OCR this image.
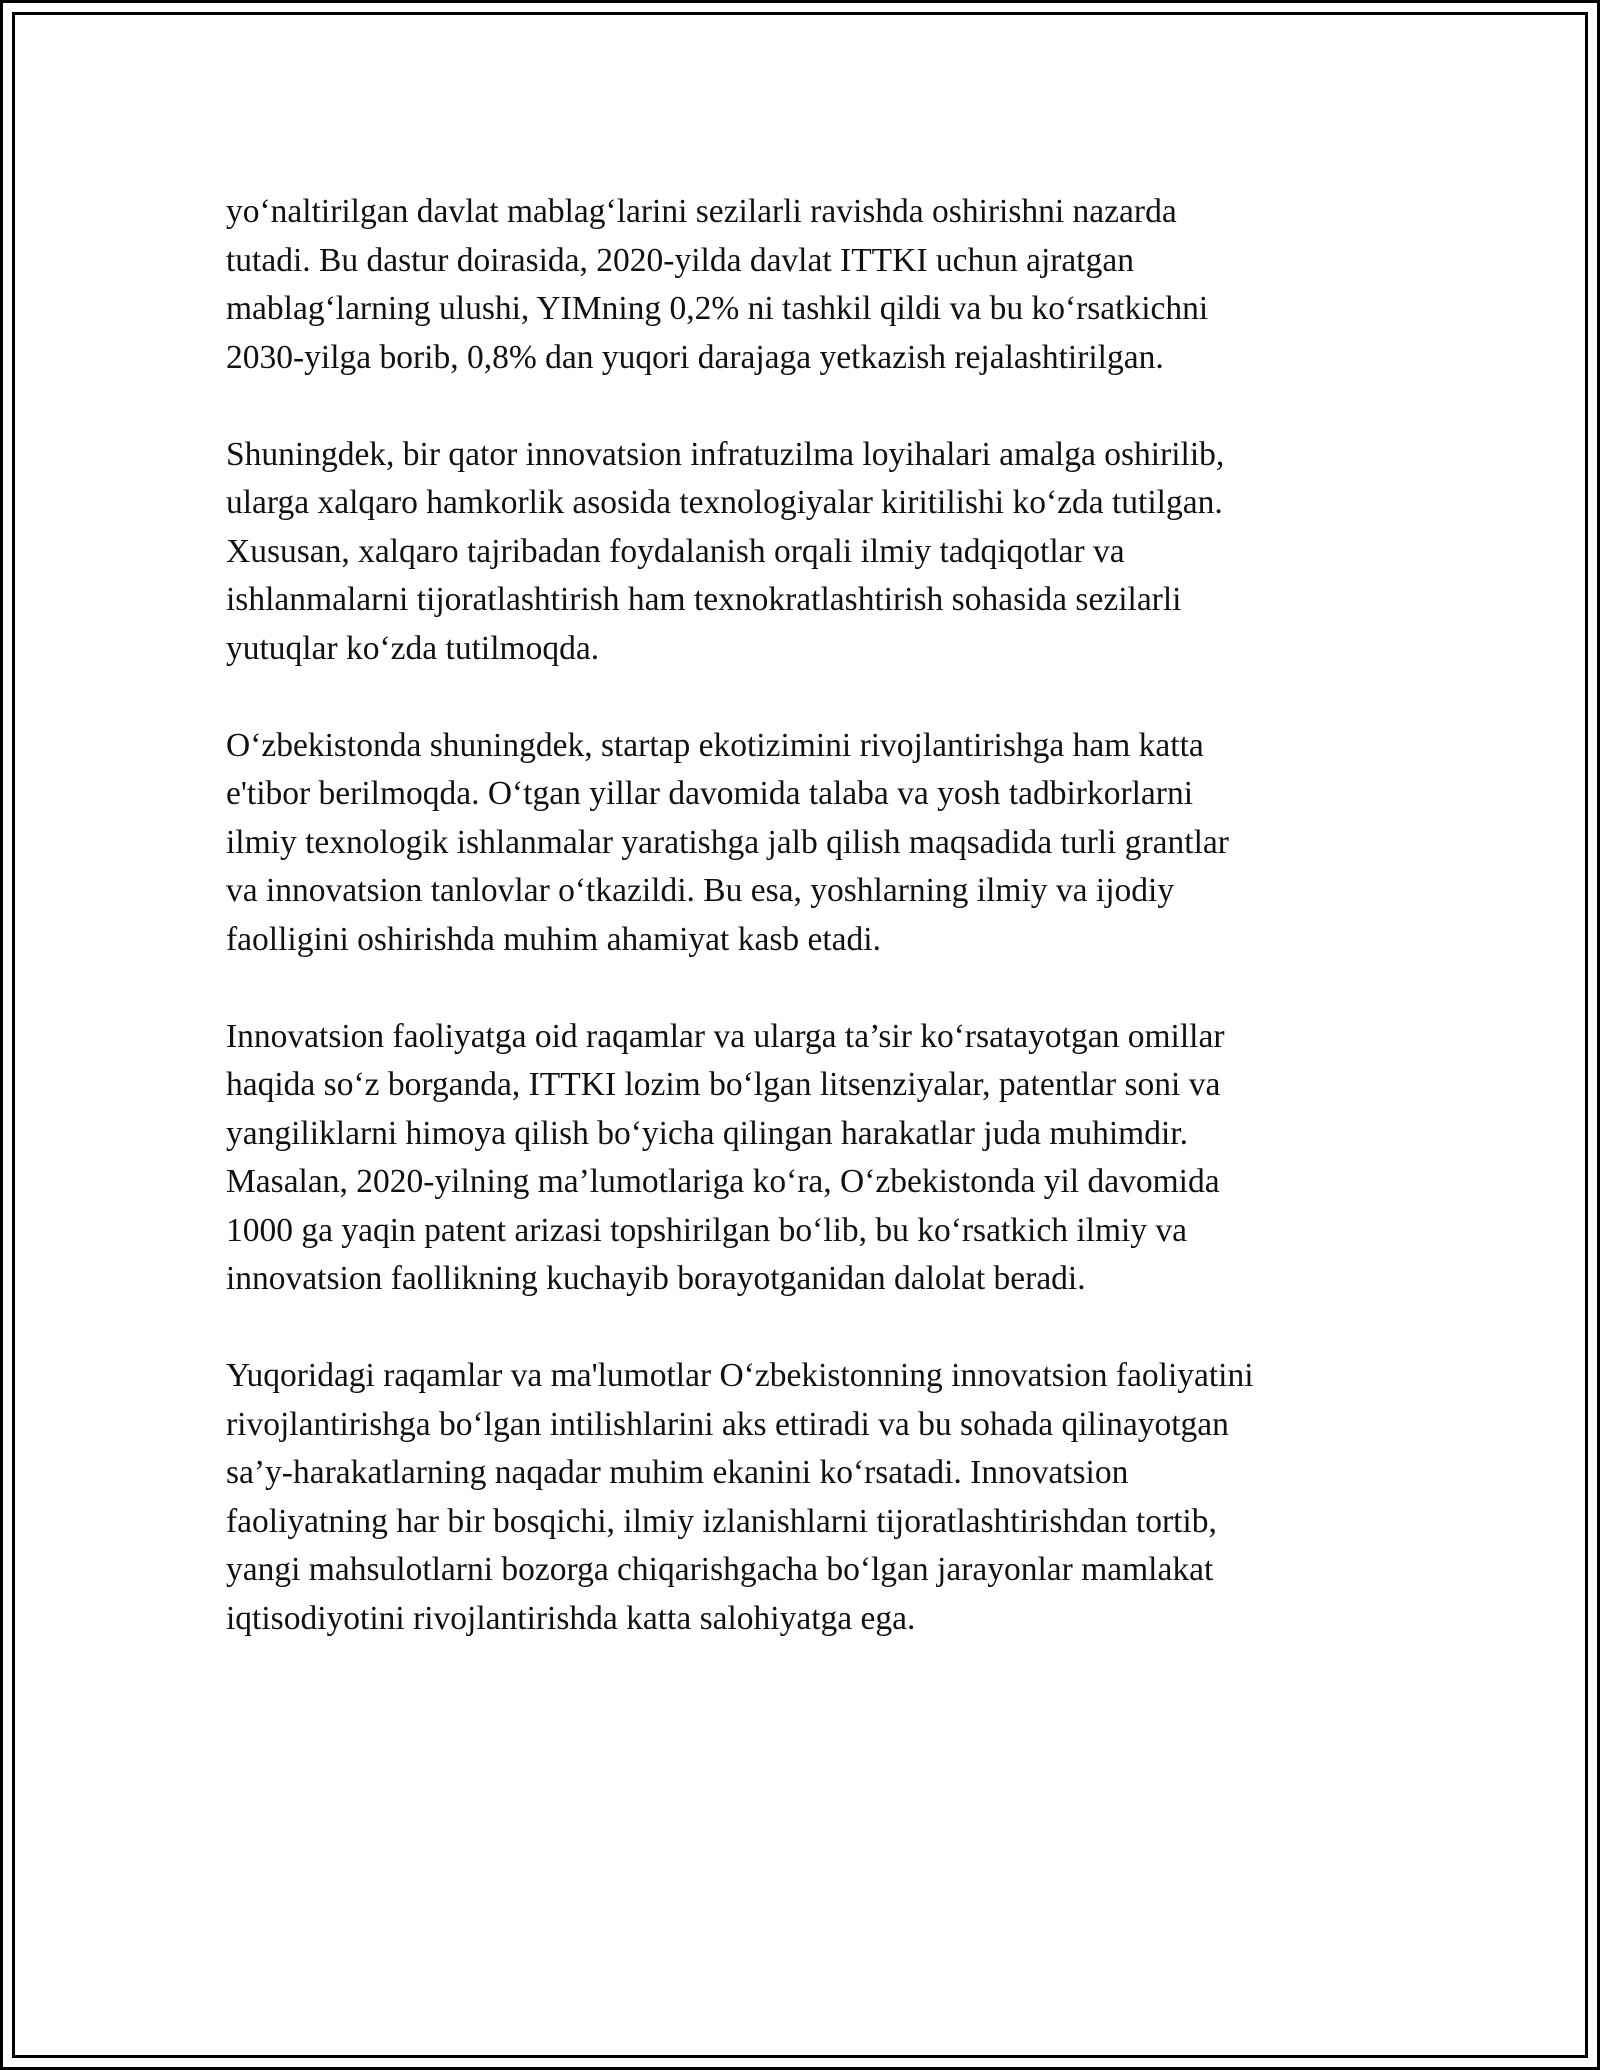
yo‘naltirilgan davlat mablag‘larini sezilarli ravishda oshirishni nazarda
tutadi. Bu dastur doirasida, 2020-yilda davlat ITTKI uchun ajratgan
mablag‘larning ulushi, YIMning 0,2% ni tashkil qildi va bu ko‘rsatkichni
2030-yilga borib, 0,8% dan yuqori darajaga yetkazish rejalashtirilgan.

Shuningdek, bir qator innovatsion infratuzilma loyihalari amalga oshirilib,
ularga xalqaro hamkorlik asosida texnologiyalar kiritilishi ko‘zda tutilgan.
Xususan, xalqaro tajribadan foydalanish orqali ilmiy tadqiqotlar va
ishlanmalarni tijoratlashtirish ham texnokratlashtirish sohasida sezilarli
yutuqlar ko‘zda tutilmoqda.

O‘zbekistonda shuningdek, startap ekotizimini rivojlantirishga ham katta
e'tibor berilmoqda. O‘tgan yillar davomida talaba va yosh tadbirkorlarni
ilmiy texnologik ishlanmalar yaratishga jalb qilish maqsadida turli grantlar
va innovatsion tanlovlar o‘tkazildi. Bu esa, yoshlarning ilmiy va ijodiy
faolligini oshirishda muhim ahamiyat kasb etadi.

Innovatsion faoliyatga oid raqamlar va ularga ta’sir ko‘rsatayotgan omillar
haqida so‘z borganda, ITTKI lozim bo‘lgan litsenziyalar, patentlar soni va
yangiliklarni himoya qilish bo‘yicha qilingan harakatlar juda muhimdir.
Masalan, 2020-yilning ma’lumotlariga ko‘ra, O‘zbekistonda yil davomida
1000 ga yaqin patent arizasi topshirilgan bo‘lib, bu ko‘rsatkich ilmiy va
innovatsion faollikning kuchayib borayotganidan dalolat beradi.

Yuqoridagi raqamlar va ma'lumotlar O‘zbekistonning innovatsion faoliyatini
rivojlantirishga bo‘lgan intilishlarini aks ettiradi va bu sohada qilinayotgan
sa’y-harakatlarning naqadar muhim ekanini ko‘rsatadi. Innovatsion
faoliyatning har bir bosqichi, ilmiy izlanishlarni tijoratlashtirishdan tortib,
yangi mahsulotlarni bozorga chiqarishgacha bo‘lgan jarayonlar mamlakat
iqtisodiyotini rivojlantirishda katta salohiyatga ega.
